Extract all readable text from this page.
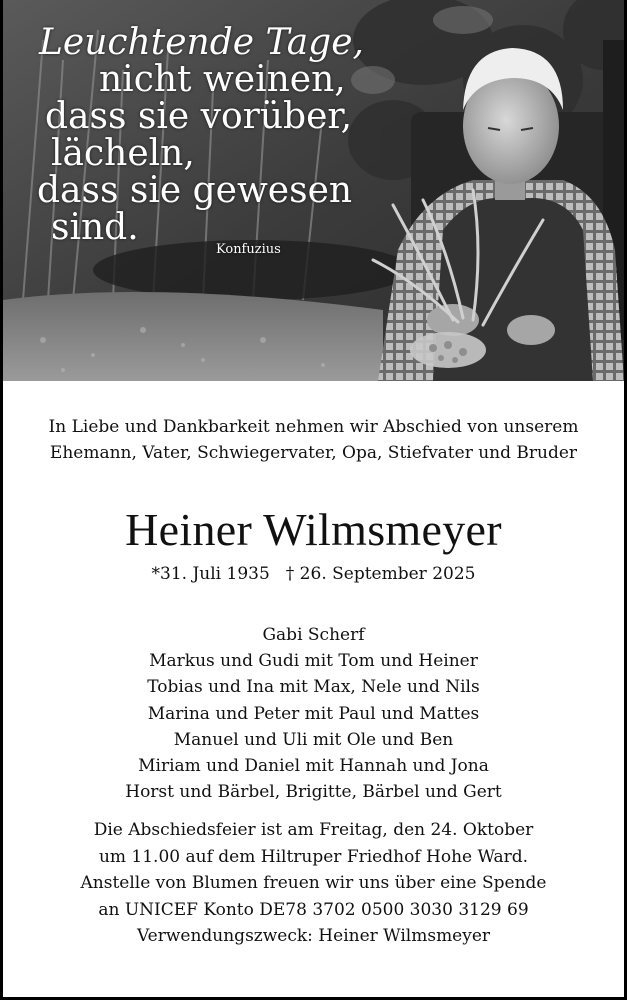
Leuchtende Tage,
nicht weinen,
dass sie vorüber,
lächeln,
dass sie gewesen
sind.
Konfuzius
In Liebe und Dankbarkeit nehmen wir Abschied von unserem
Ehemann, Vater, Schwiegervater, Opa, Stiefvater und Bruder
Heiner Wilmsmeyer
*31. Juli 1935 † 26. September 2025
Gabi Scherf
Markus und Gudi mit Tom und Heiner
Tobias und Ina mit Max, Nele und Nils
Marina und Peter mit Paul und Mattes
Manuel und Uli mit Ole und Ben
Miriam und Daniel mit Hannah und Jona
Horst und Bärbel, Brigitte, Bärbel und Gert
Die Abschiedsfeier ist am Freitag, den 24. Oktober
um 11.00 auf dem Hiltruper Friedhof Hohe Ward.
Anstelle von Blumen freuen wir uns über eine Spende
an UNICEF Konto DE78 3702 0500 3030 3129 69
Verwendungszweck: Heiner Wilmsmeyer
